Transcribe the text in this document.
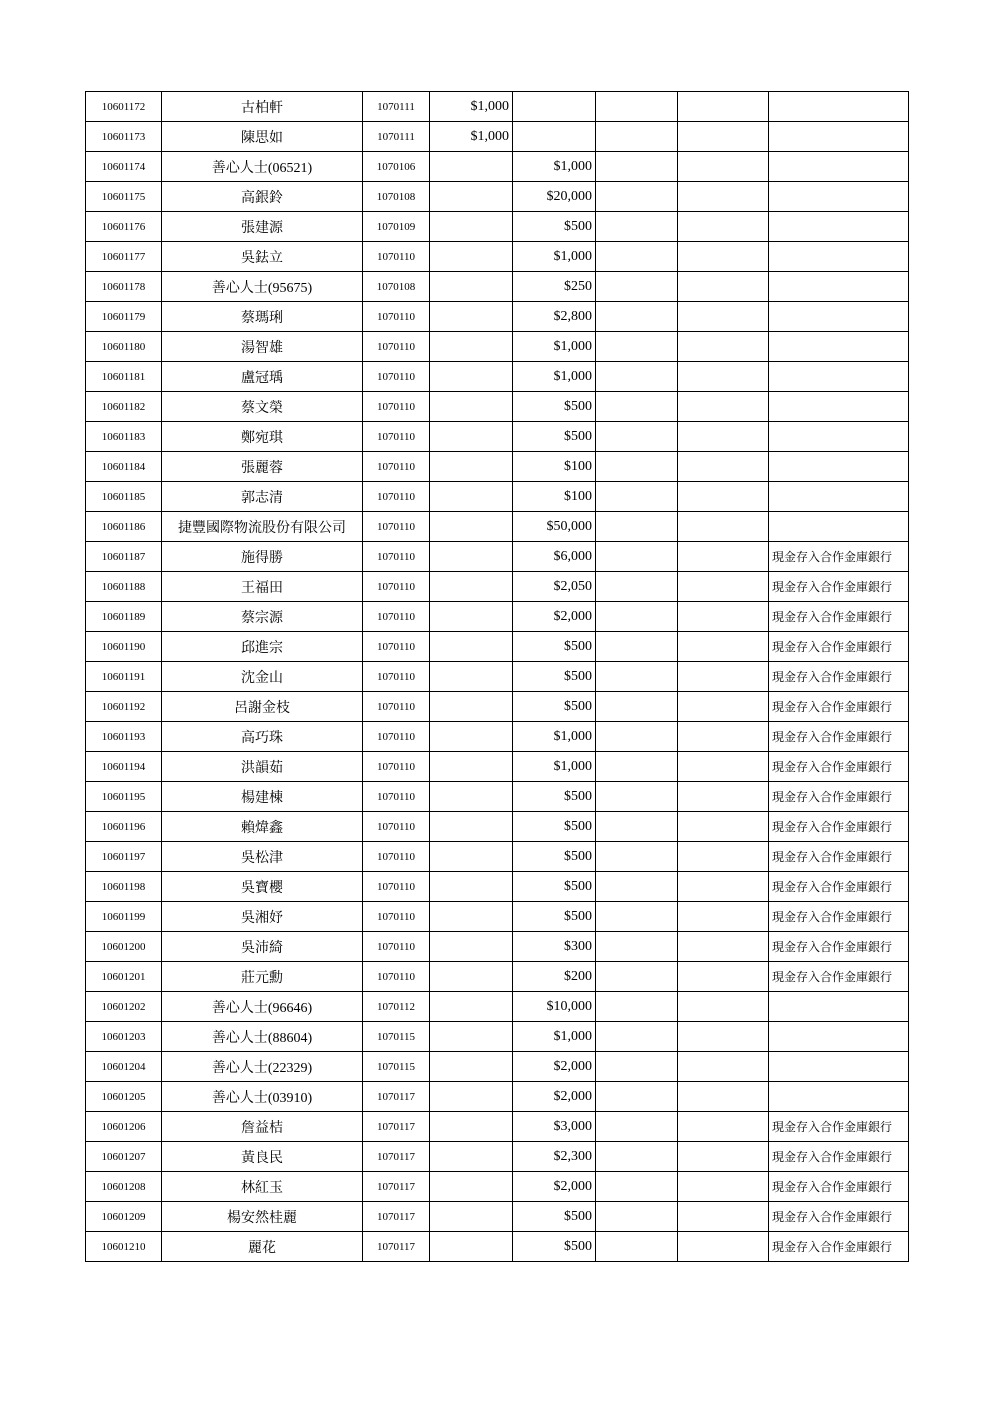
10601172	古柏軒	1070111	$1,000				
10601173	陳思如	1070111	$1,000				
10601174	善心人士(06521)	1070106		$1,000			
10601175	高銀鈴	1070108		$20,000			
10601176	張建源	1070109		$500			
10601177	吳鉣立	1070110		$1,000			
10601178	善心人士(95675)	1070108		$250			
10601179	蔡瑪琍	1070110		$2,800			
10601180	湯智雄	1070110		$1,000			
10601181	盧冠瑀	1070110		$1,000			
10601182	蔡文榮	1070110		$500			
10601183	鄭宛琪	1070110		$500			
10601184	張麗蓉	1070110		$100			
10601185	郭志清	1070110		$100			
10601186	捷豐國際物流股份有限公司	1070110		$50,000			
10601187	施得勝	1070110		$6,000			現金存入合作金庫銀行
10601188	王福田	1070110		$2,050			現金存入合作金庫銀行
10601189	蔡宗源	1070110		$2,000			現金存入合作金庫銀行
10601190	邱進宗	1070110		$500			現金存入合作金庫銀行
10601191	沈金山	1070110		$500			現金存入合作金庫銀行
10601192	呂謝金枝	1070110		$500			現金存入合作金庫銀行
10601193	高巧珠	1070110		$1,000			現金存入合作金庫銀行
10601194	洪韻茹	1070110		$1,000			現金存入合作金庫銀行
10601195	楊建棟	1070110		$500			現金存入合作金庫銀行
10601196	賴煒鑫	1070110		$500			現金存入合作金庫銀行
10601197	吳松津	1070110		$500			現金存入合作金庫銀行
10601198	吳寶櫻	1070110		$500			現金存入合作金庫銀行
10601199	吳湘妤	1070110		$500			現金存入合作金庫銀行
10601200	吳沛綺	1070110		$300			現金存入合作金庫銀行
10601201	莊元勳	1070110		$200			現金存入合作金庫銀行
10601202	善心人士(96646)	1070112		$10,000			
10601203	善心人士(88604)	1070115		$1,000			
10601204	善心人士(22329)	1070115		$2,000			
10601205	善心人士(03910)	1070117		$2,000			
10601206	詹益桔	1070117		$3,000			現金存入合作金庫銀行
10601207	黃良民	1070117		$2,300			現金存入合作金庫銀行
10601208	林紅玉	1070117		$2,000			現金存入合作金庫銀行
10601209	楊安然桂麗	1070117		$500			現金存入合作金庫銀行
10601210	麗花	1070117		$500			現金存入合作金庫銀行
